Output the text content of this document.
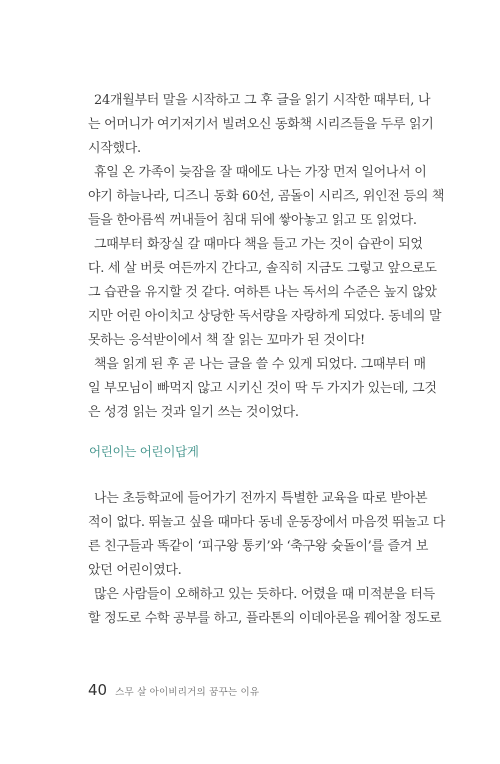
24개월부터 말을 시작하고 그 후 글을 읽기 시작한 때부터, 나
는 어머니가 여기저기서 빌려오신 동화책 시리즈들을 두루 읽기
시작했다.
휴일 온 가족이 늦잠을 잘 때에도 나는 가장 먼저 일어나서 이
야기 하늘나라, 디즈니 동화 60선, 곰돌이 시리즈, 위인전 등의 책
들을 한아름씩 꺼내들어 침대 뒤에 쌓아놓고 읽고 또 읽었다.
그때부터 화장실 갈 때마다 책을 들고 가는 것이 습관이 되었
다. 세 살 버릇 여든까지 간다고, 솔직히 지금도 그렇고 앞으로도
그 습관을 유지할 것 같다. 여하튼 나는 독서의 수준은 높지 않았
지만 어린 아이치고 상당한 독서량을 자랑하게 되었다. 동네의 말
못하는 응석받이에서 책 잘 읽는 꼬마가 된 것이다!
책을 읽게 된 후 곧 나는 글을 쓸 수 있게 되었다. 그때부터 매
일 부모님이 빠먹지 않고 시키신 것이 딱 두 가지가 있는데, 그것
은 성경 읽는 것과 일기 쓰는 것이었다.
어린이는 어린이답게
나는 초등학교에 들어가기 전까지 특별한 교육을 따로 받아본
적이 없다. 뛰놀고 싶을 때마다 동네 운동장에서 마음껏 뛰놀고 다
른 친구들과 똑같이 ‘피구왕 통키’와 ‘축구왕 슛돌이’를 즐겨 보
았던 어린이였다.
많은 사람들이 오해하고 있는 듯하다. 어렸을 때 미적분을 터득
할 정도로 수학 공부를 하고, 플라톤의 이데아론을 꿰어찰 정도로
40 스무 살 아이비리거의 꿈꾸는 이유
